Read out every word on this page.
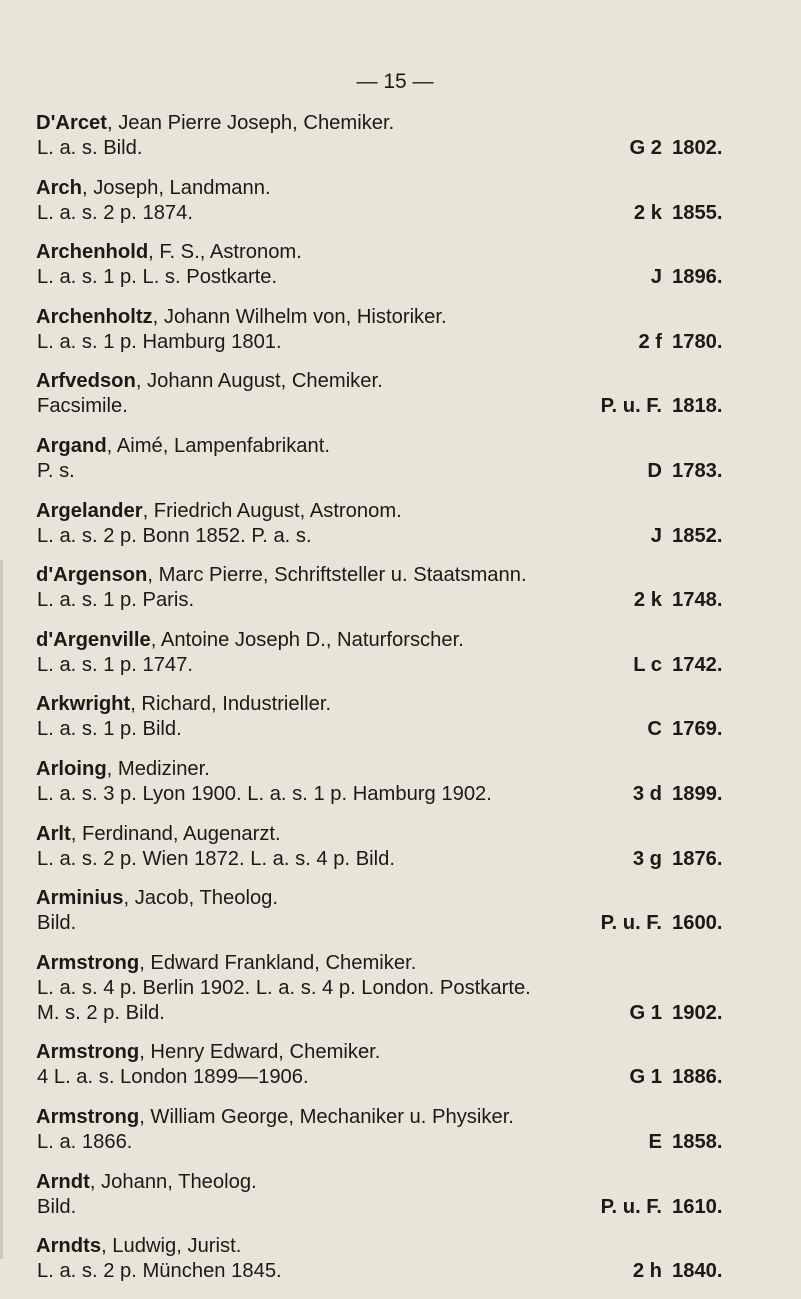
— 15 —
D'Arcet, Jean Pierre Joseph, Chemiker.
L. a. s. Bild.	G 2 1802.
Arch, Joseph, Landmann.
L. a. s. 2 p. 1874.	2 k 1855.
Archenhold, F. S., Astronom.
L. a. s. 1 p. L. s. Postkarte.	J 1896.
Archenholtz, Johann Wilhelm von, Historiker.
L. a. s. 1 p. Hamburg 1801.	2 f 1780.
Arfvedson, Johann August, Chemiker.
Facsimile.	P. u. F. 1818.
Argand, Aimé, Lampenfabrikant.
P. s.	D 1783.
Argelander, Friedrich August, Astronom.
L. a. s. 2 p. Bonn 1852. P. a. s.	J 1852.
d'Argenson, Marc Pierre, Schriftsteller u. Staatsmann.
L. a. s. 1 p. Paris.	2 k 1748.
d'Argenville, Antoine Joseph D., Naturforscher.
L. a. s. 1 p. 1747.	L c 1742.
Arkwright, Richard, Industrieller.
L. a. s. 1 p. Bild.	C 1769.
Arloing, Mediziner.
L. a. s. 3 p. Lyon 1900. L. a. s. 1 p. Hamburg 1902.	3 d 1899.
Arlt, Ferdinand, Augenarzt.
L. a. s. 2 p. Wien 1872. L. a. s. 4 p. Bild.	3 g 1876.
Arminius, Jacob, Theolog.
Bild.	P. u. F. 1600.
Armstrong, Edward Frankland, Chemiker.
L. a. s. 4 p. Berlin 1902. L. a. s. 4 p. London. Postkarte.
M. s. 2 p. Bild.	G 1 1902.
Armstrong, Henry Edward, Chemiker.
4 L. a. s. London 1899—1906.	G 1 1886.
Armstrong, William George, Mechaniker u. Physiker.
L. a. 1866.	E 1858.
Arndt, Johann, Theolog.
Bild.	P. u. F. 1610.
Arndts, Ludwig, Jurist.
L. a. s. 2 p. München 1845.	2 h 1840.
